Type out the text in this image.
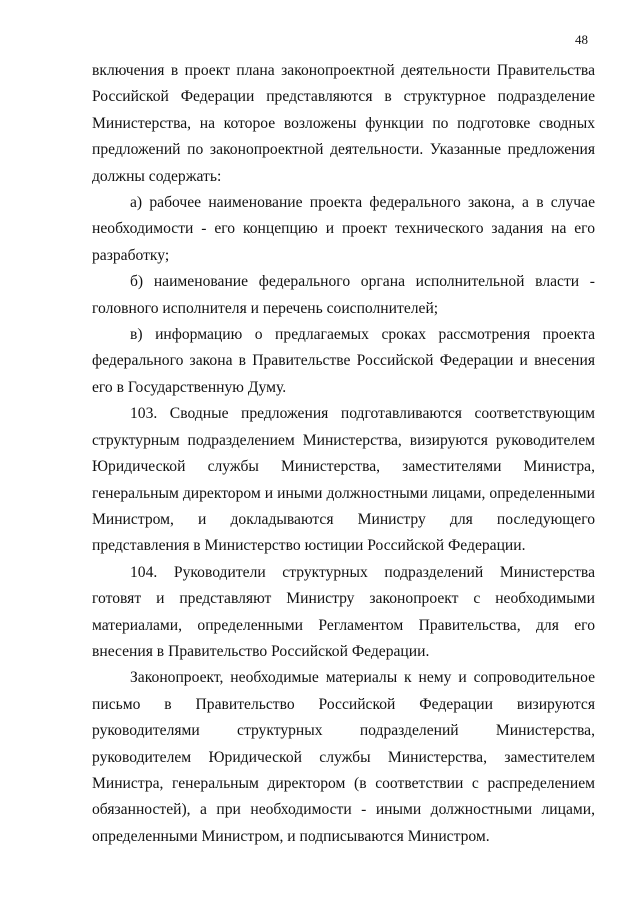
48

включения в проект плана законопроектной деятельности Правительства Российской Федерации представляются в структурное подразделение Министерства, на которое возложены функции по подготовке сводных предложений по законопроектной деятельности. Указанные предложения должны содержать:

а) рабочее наименование проекта федерального закона, а в случае необходимости - его концепцию и проект технического задания на его разработку;

б) наименование федерального органа исполнительной власти - головного исполнителя и перечень соисполнителей;

в) информацию о предлагаемых сроках рассмотрения проекта федерального закона в Правительстве Российской Федерации и внесения его в Государственную Думу.

103. Сводные предложения подготавливаются соответствующим структурным подразделением Министерства, визируются руководителем Юридической службы Министерства, заместителями Министра, генеральным директором и иными должностными лицами, определенными Министром, и докладываются Министру для последующего представления в Министерство юстиции Российской Федерации.

104. Руководители структурных подразделений Министерства готовят и представляют Министру законопроект с необходимыми материалами, определенными Регламентом Правительства, для его внесения в Правительство Российской Федерации.

Законопроект, необходимые материалы к нему и сопроводительное письмо в Правительство Российской Федерации визируются руководителями структурных подразделений Министерства, руководителем Юридической службы Министерства, заместителем Министра, генеральным директором (в соответствии с распределением обязанностей), а при необходимости - иными должностными лицами, определенными Министром, и подписываются Министром.
